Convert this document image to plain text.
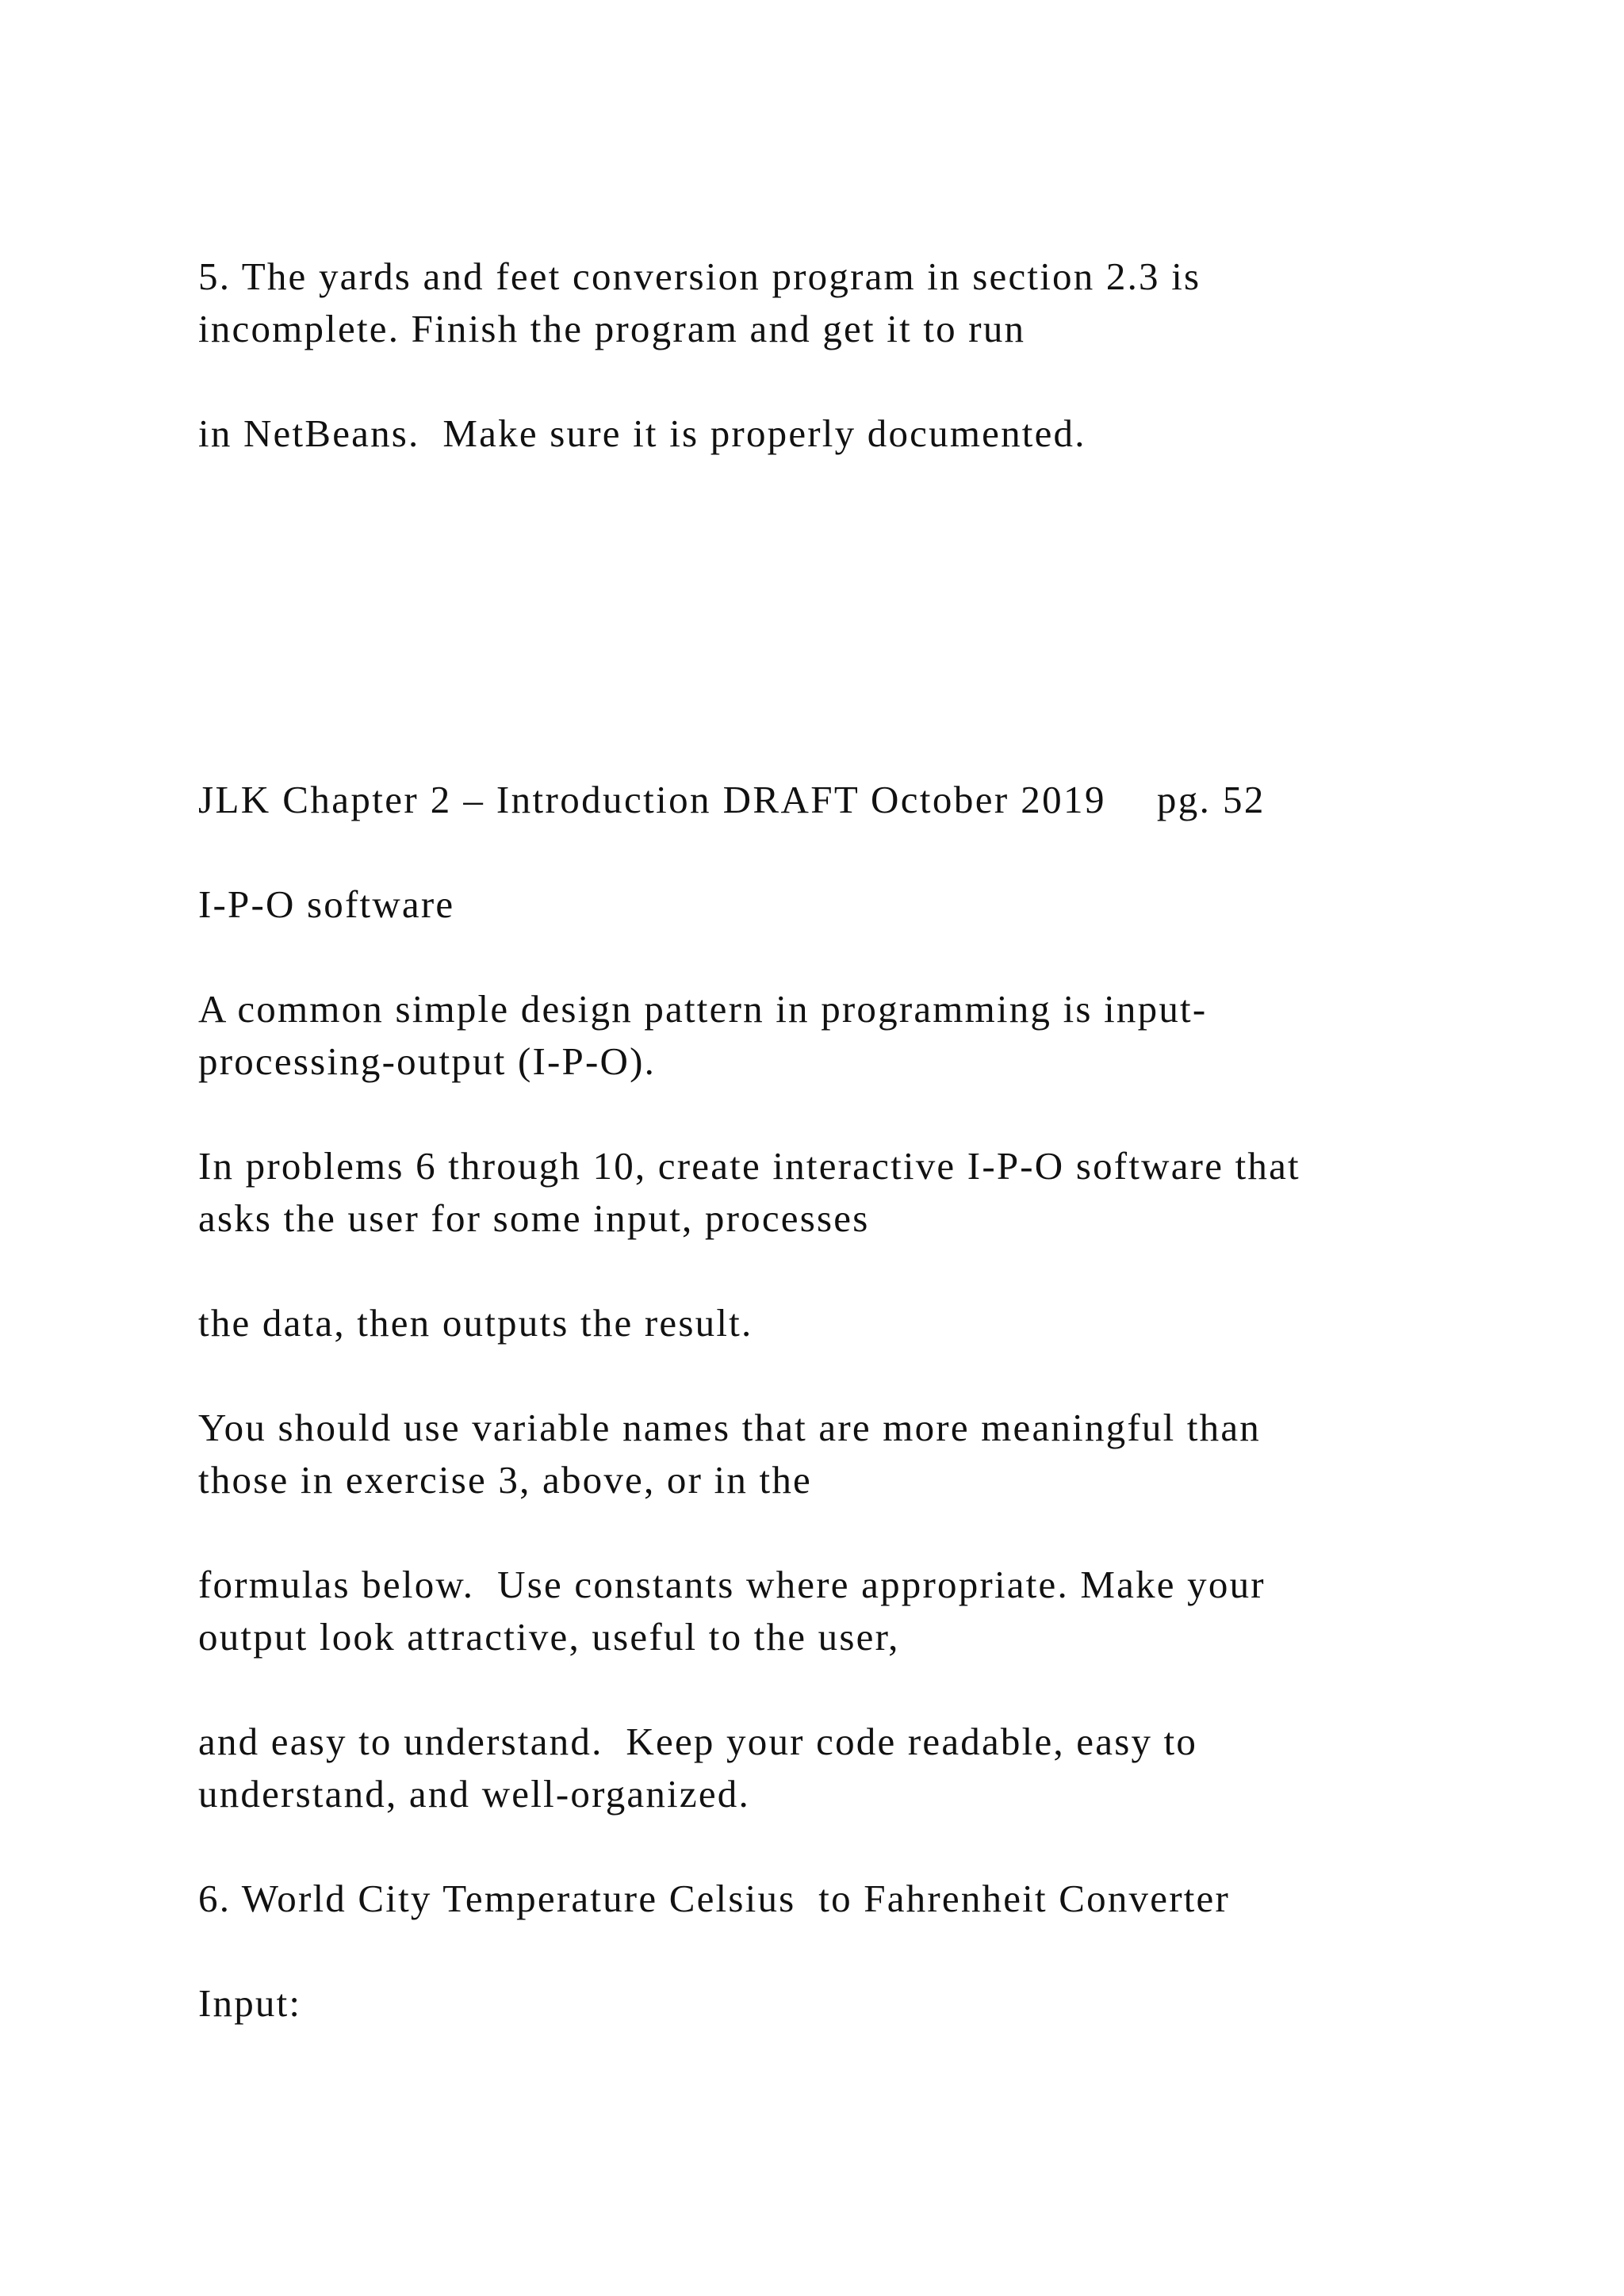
5. The yards and feet conversion program in section 2.3 is

incomplete. Finish the program and get it to run

in NetBeans.  Make sure it is properly documented.

JLK Chapter 2 – Introduction DRAFT October 2019 pg. 52

I-P-O software

A common simple design pattern in programming is input-

processing-output (I-P-O).

In problems 6 through 10, create interactive I-P-O software that

asks the user for some input, processes

the data, then outputs the result.

You should use variable names that are more meaningful than

those in exercise 3, above, or in the

formulas below.  Use constants where appropriate. Make your

output look attractive, useful to the user,

and easy to understand.  Keep your code readable, easy to

understand, and well-organized.

6. World City Temperature Celsius  to Fahrenheit Converter

Input:
